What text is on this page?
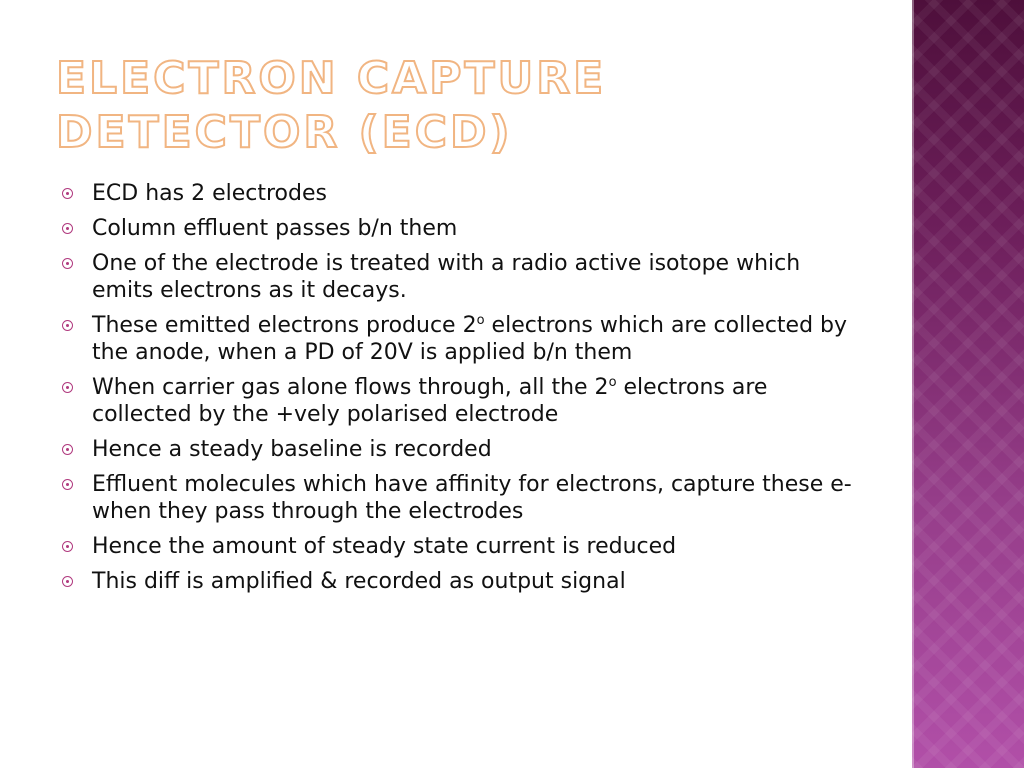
ELECTRON CAPTURE DETECTOR (ECD)
ECD has 2 electrodes
Column effluent passes b/n them
One of the electrode is treated with a radio active isotope which emits electrons as it decays.
These emitted electrons produce 2$^o$ electrons which are collected by the anode, when a PD of 20V is applied b/n them
When carrier gas alone flows through, all the 2$^o$ electrons are collected by the +vely polarised electrode
Hence a steady baseline is recorded
Effluent molecules which have affinity for electrons, capture these e- when they pass through the electrodes
Hence the amount of steady state current is reduced
This diff is amplified & recorded as output signal
